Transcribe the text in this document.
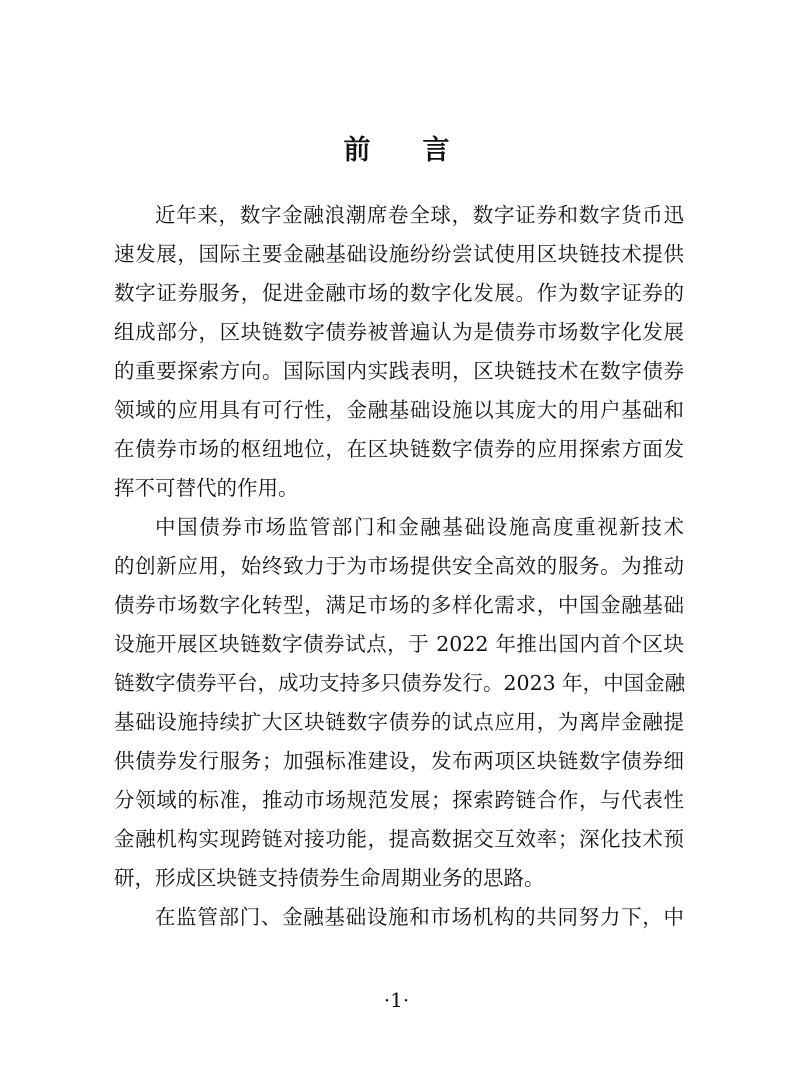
前 言
近年来，数字金融浪潮席卷全球，数字证券和数字货币迅
速发展，国际主要金融基础设施纷纷尝试使用区块链技术提供
数字证券服务，促进金融市场的数字化发展。作为数字证券的
组成部分，区块链数字债券被普遍认为是债券市场数字化发展
的重要探索方向。国际国内实践表明，区块链技术在数字债券
领域的应用具有可行性，金融基础设施以其庞大的用户基础和
在债券市场的枢纽地位，在区块链数字债券的应用探索方面发
挥不可替代的作用。
中国债券市场监管部门和金融基础设施高度重视新技术
的创新应用，始终致力于为市场提供安全高效的服务。为推动
债券市场数字化转型，满足市场的多样化需求，中国金融基础
设施开展区块链数字债券试点，于 2022 年推出国内首个区块
链数字债券平台，成功支持多只债券发行。2023 年，中国金融
基础设施持续扩大区块链数字债券的试点应用，为离岸金融提
供债券发行服务；加强标准建设，发布两项区块链数字债券细
分领域的标准，推动市场规范发展；探索跨链合作，与代表性
金融机构实现跨链对接功能，提高数据交互效率；深化技术预
研，形成区块链支持债券生命周期业务的思路。
在监管部门、金融基础设施和市场机构的共同努力下，中
·1·
